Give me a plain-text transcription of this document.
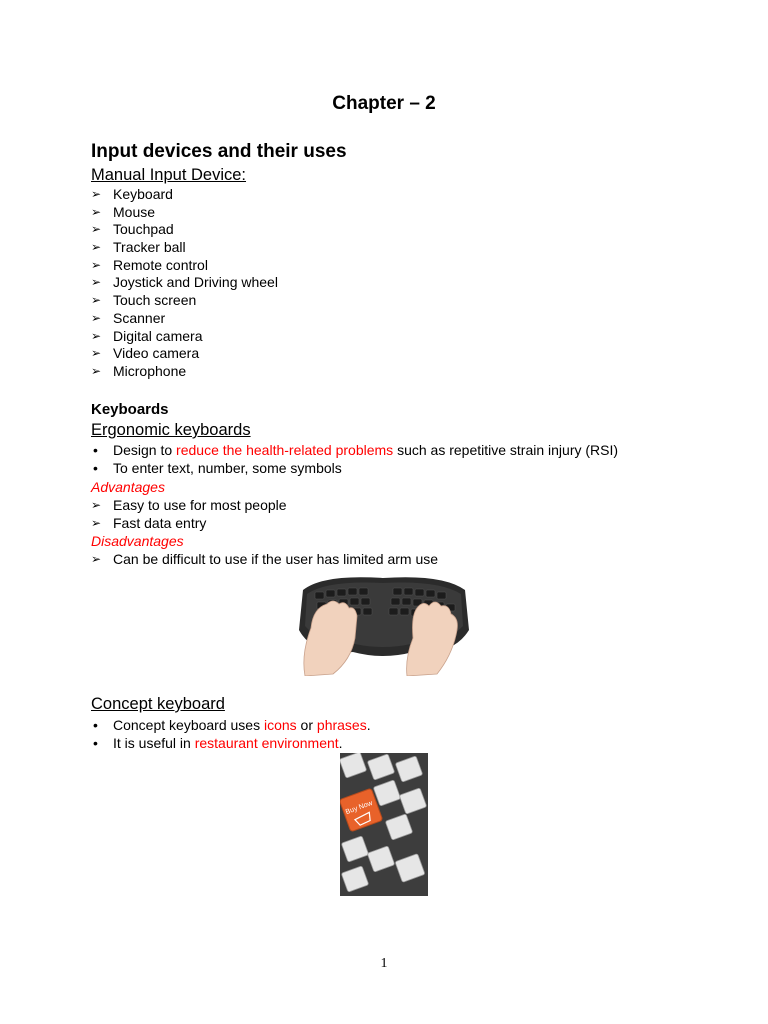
Chapter – 2
Input devices and their uses
Manual Input Device:
➢ Keyboard
➢ Mouse
➢ Touchpad
➢ Tracker ball
➢ Remote control
➢ Joystick and Driving wheel
➢ Touch screen
➢ Scanner
➢ Digital camera
➢ Video camera
➢ Microphone
Keyboards
Ergonomic keyboards
•	Design to reduce the health-related problems such as repetitive strain injury (RSI)
•	To enter text, number, some symbols
Advantages
➢ Easy to use for most people
➢ Fast data entry
Disadvantages
➢ Can be difficult to use if the user has limited arm use
Concept keyboard
•	Concept keyboard uses icons or phrases.
•	It is useful in restaurant environment.
Buy Now
1
